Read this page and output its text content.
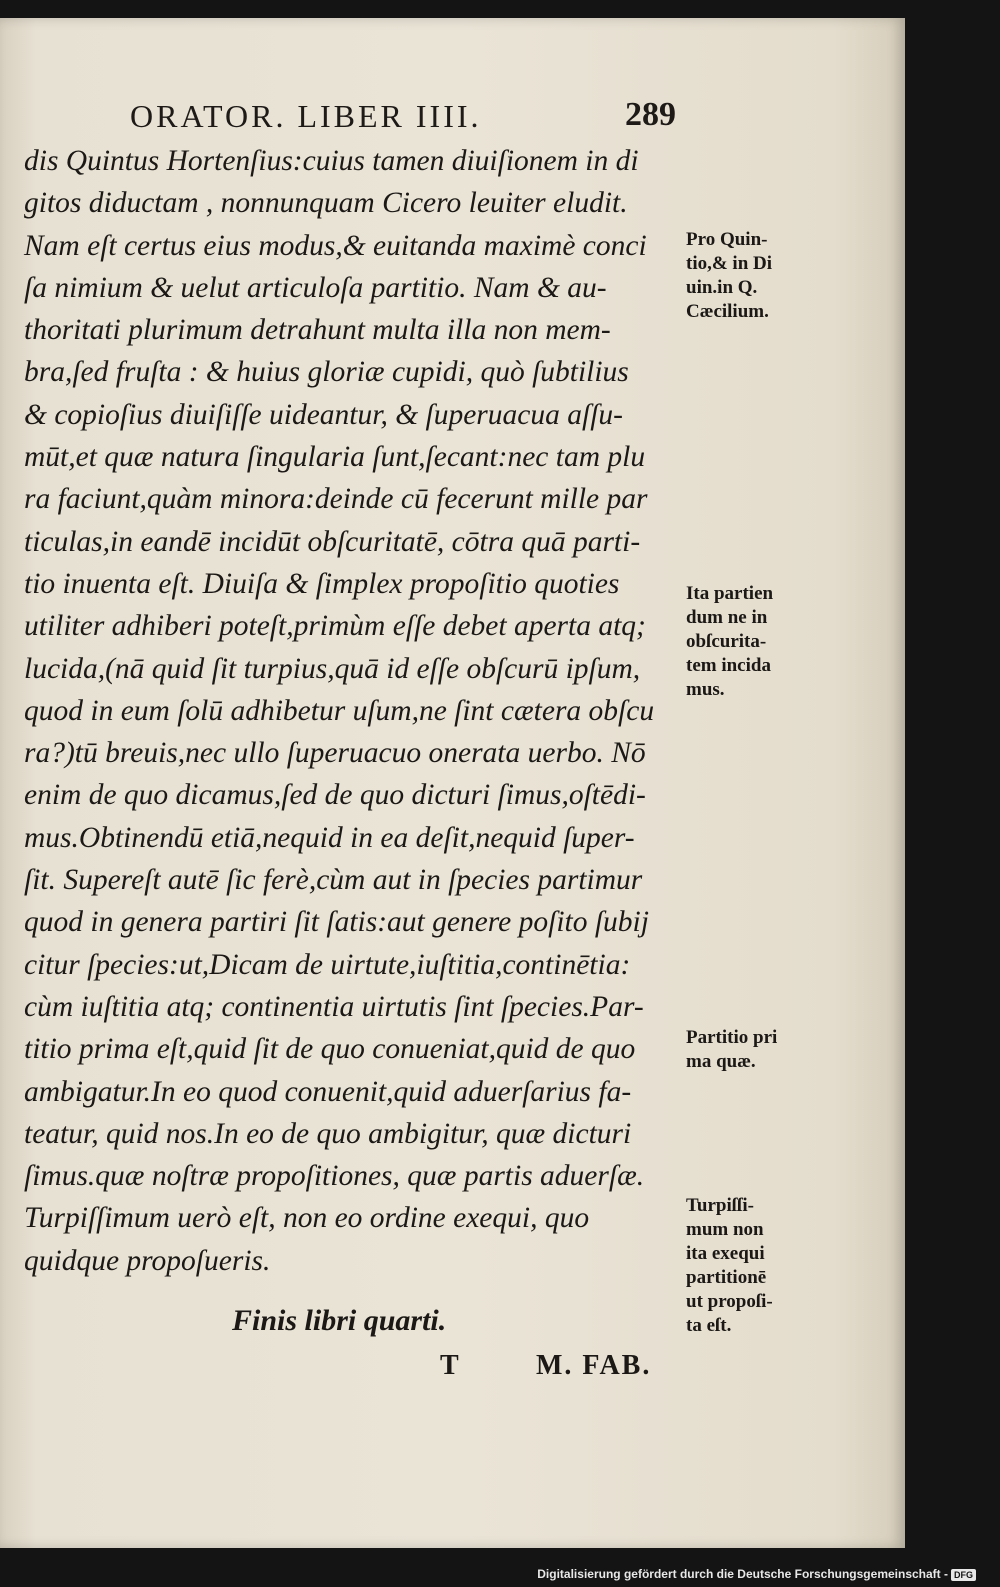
ORATOR. LIBER IIII.	289
dis Quintus Hortenſius:cuius tamen diuiſionem in di
gitos diductam , nonnunquam Cicero leuiter eludit.
Nam eſt certus eius modus,& euitanda maximè conci
ſa nimium & uelut articuloſa partitio. Nam & au-
thoritati plurimum detrahunt multa illa non mem-
bra,ſed fruſta : & huius gloriæ cupidi, quò ſubtilius
& copioſius diuiſiſſe uideantur, & ſuperuacua aſſu-
mūt,et quæ natura ſingularia ſunt,ſecant:nec tam plu
ra faciunt,quàm minora:deinde cū fecerunt mille par
ticulas,in eandē incidūt obſcuritatē, cōtra quā parti-
tio inuenta eſt. Diuiſa & ſimplex propoſitio quoties
utiliter adhiberi poteſt,primùm eſſe debet aperta atq;
lucida,(nā quid ſit turpius,quā id eſſe obſcurū ipſum,
quod in eum ſolū adhibetur uſum,ne ſint cætera obſcu
ra?)tū breuis,nec ullo ſuperuacuo onerata uerbo. Nō
enim de quo dicamus,ſed de quo dicturi ſimus,oſtēdi-
mus.Obtinendū etiā,nequid in ea deſit,nequid ſuper-
ſit. Supereſt autē ſic ferè,cùm aut in ſpecies partimur
quod in genera partiri ſit ſatis:aut genere poſito ſubij
citur ſpecies:ut,Dicam de uirtute,iuſtitia,continētia:
cùm iuſtitia atq; continentia uirtutis ſint ſpecies.Par-
titio prima eſt,quid ſit de quo conueniat,quid de quo
ambigatur.In eo quod conuenit,quid aduerſarius fa-
teatur, quid nos.In eo de quo ambigitur, quæ dicturi
ſimus.quæ noſtræ propoſitiones, quæ partis aduerſæ.
Turpiſſimum uerò eſt, non eo ordine exequi, quo
quidque propoſueris.
Finis libri quarti.
T	M. FAB.
Pro Quin-
tio,& in Di
uin.in Q.
Cæcilium.
Ita partien
dum ne in
obſcurita-
tem incida
mus.
Partitio pri
ma quæ.
Turpiſſi-
mum non
ita exequi
partitionē
ut propoſi-
ta eſt.
Digitalisierung gefördert durch die Deutsche Forschungsgemeinschaft - DFG
